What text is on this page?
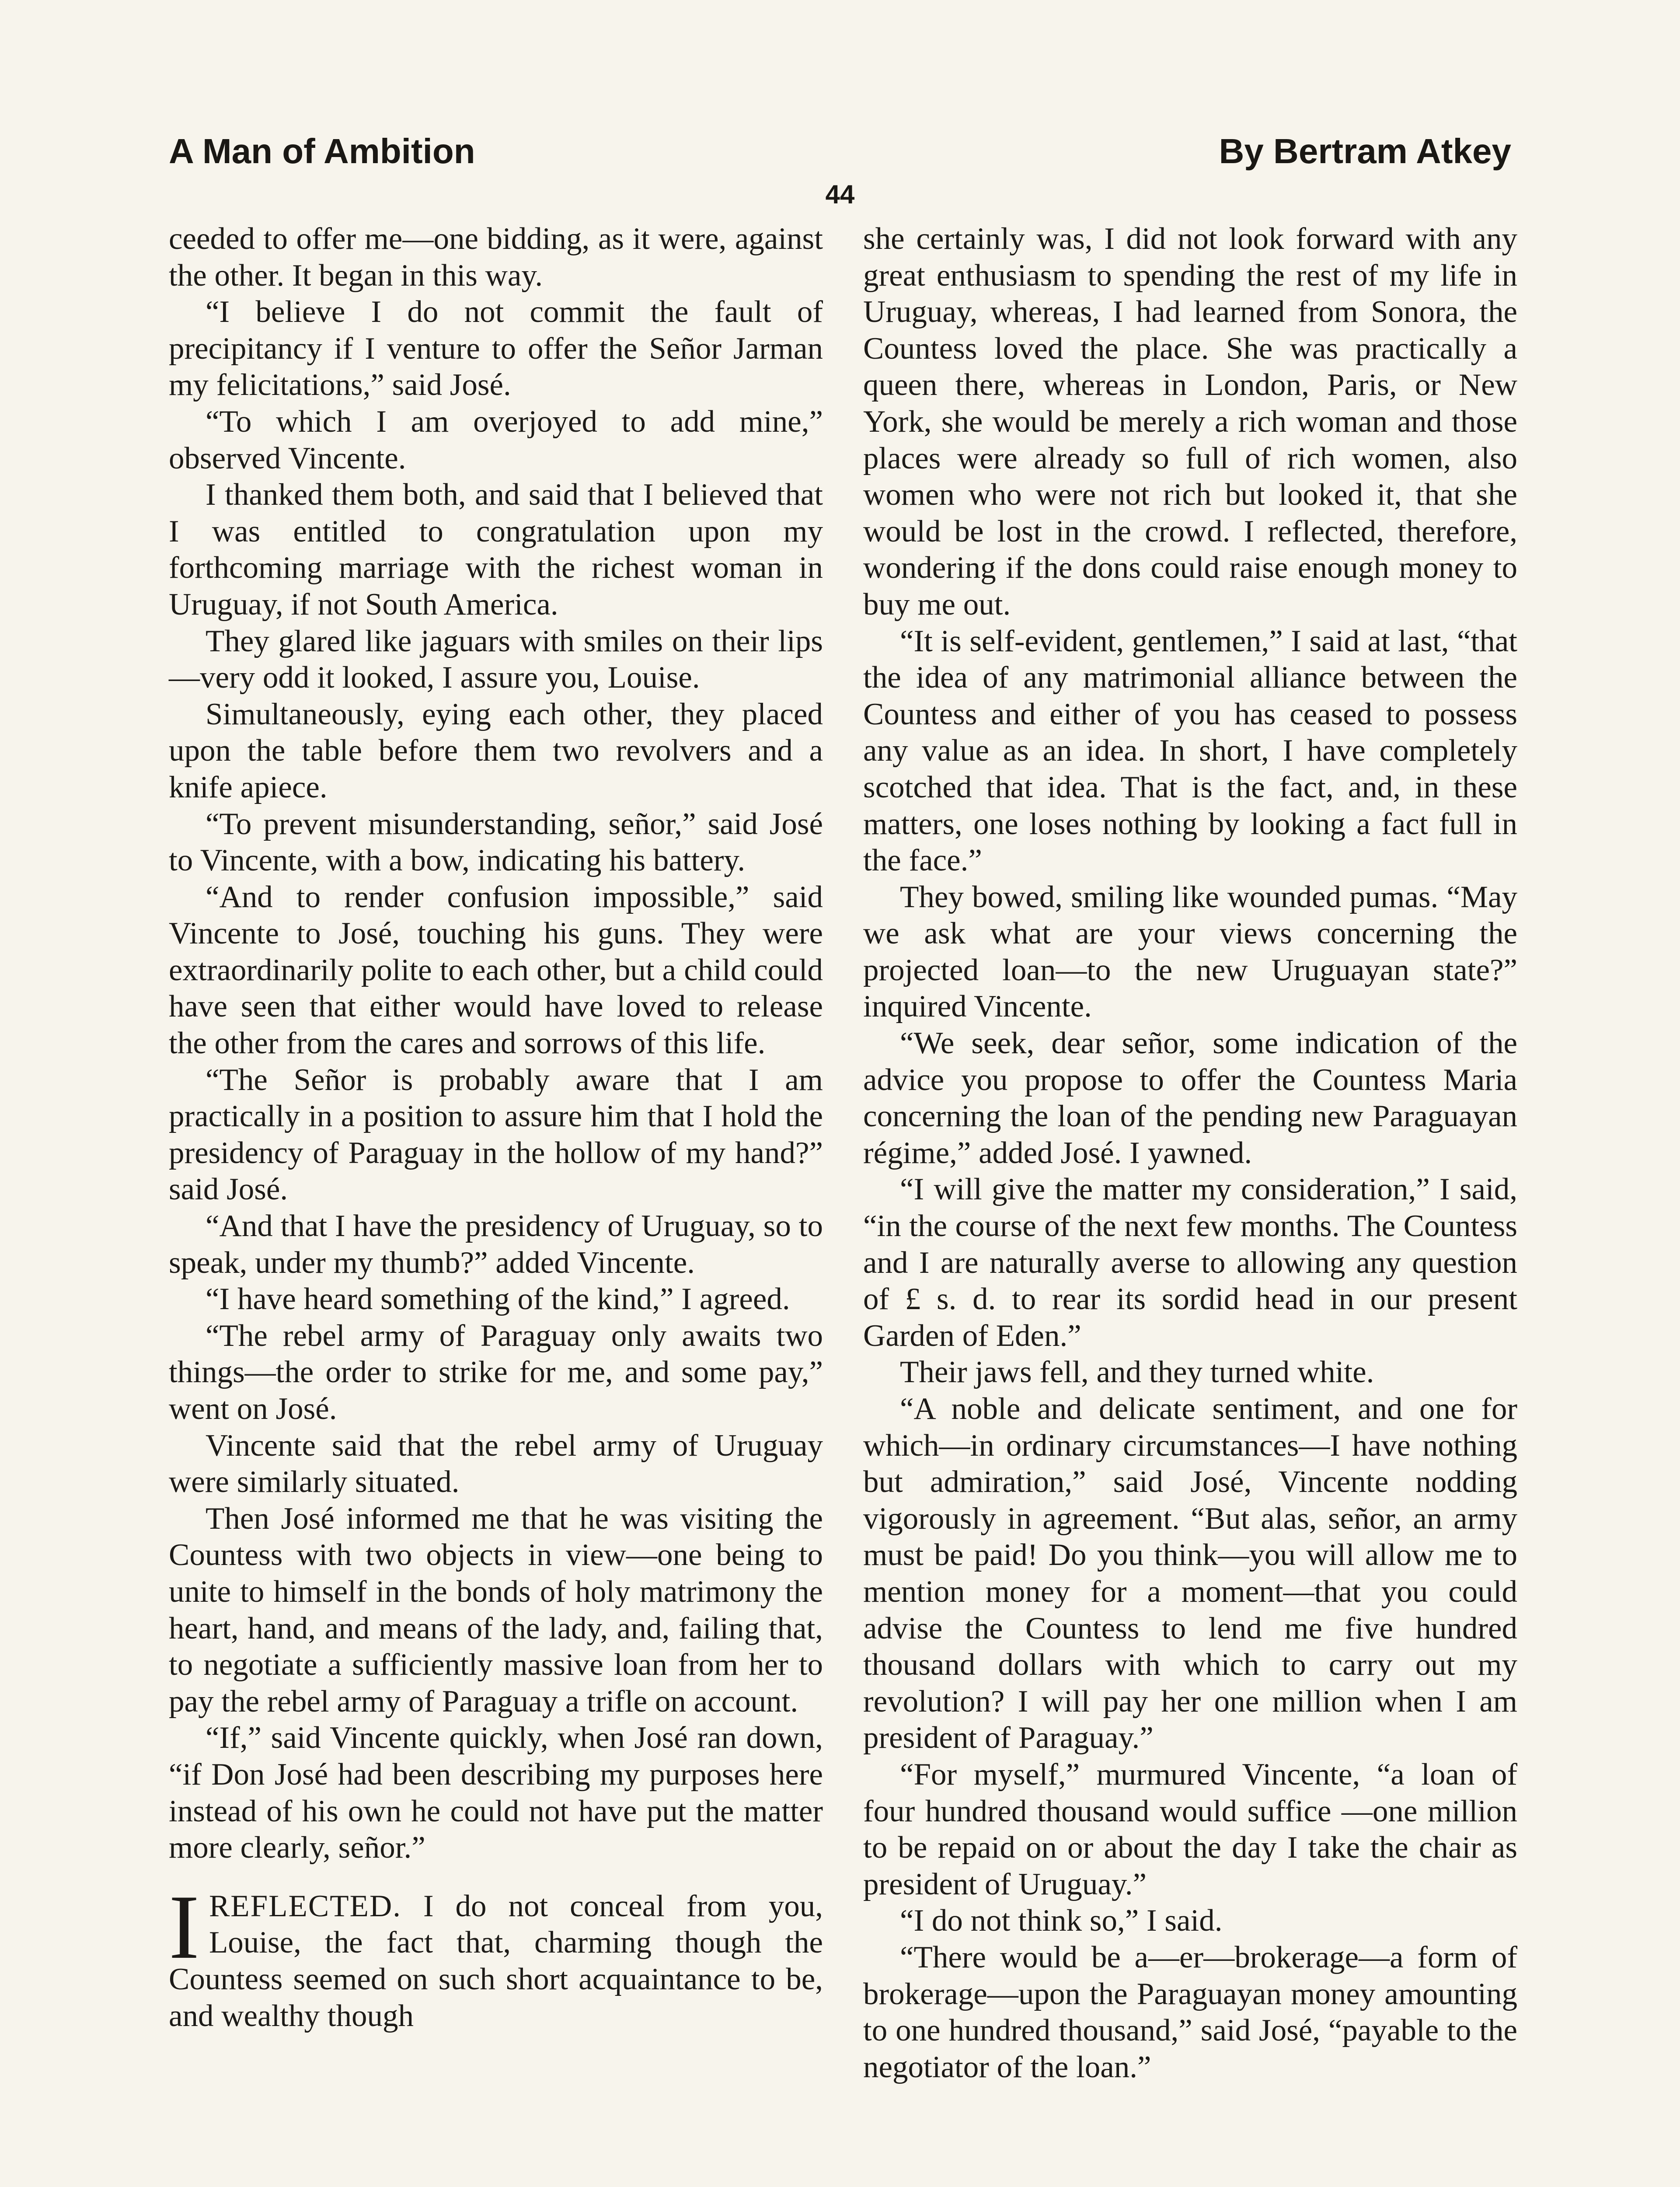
A Man of Ambition	By Bertram Atkey
44

ceeded to offer me—one bidding, as it were, against the other. It began in this way.

“I believe I do not commit the fault of precipitancy if I venture to offer the Señor Jarman my felicitations,” said José.

“To which I am overjoyed to add mine,” observed Vincente.

I thanked them both, and said that I believed that I was entitled to congratulation upon my forthcoming marriage with the richest woman in Uruguay, if not South America.

They glared like jaguars with smiles on their lips—very odd it looked, I assure you, Louise.

Simultaneously, eying each other, they placed upon the table before them two revolvers and a knife apiece.

“To prevent misunderstanding, señor,” said José to Vincente, with a bow, indicating his battery.

“And to render confusion impossible,” said Vincente to José, touching his guns. They were extraordinarily polite to each other, but a child could have seen that either would have loved to release the other from the cares and sorrows of this life.

“The Señor is probably aware that I am practically in a position to assure him that I hold the presidency of Paraguay in the hollow of my hand?” said José.

“And that I have the presidency of Uruguay, so to speak, under my thumb?” added Vincente.

“I have heard something of the kind,” I agreed.

“The rebel army of Paraguay only awaits two things—the order to strike for me, and some pay,” went on José.

Vincente said that the rebel army of Uruguay were similarly situated.

Then José informed me that he was visiting the Countess with two objects in view—one being to unite to himself in the bonds of holy matrimony the heart, hand, and means of the lady, and, failing that, to negotiate a sufficiently massive loan from her to pay the rebel army of Paraguay a trifle on account.

“If,” said Vincente quickly, when José ran down, “if Don José had been describing my purposes here instead of his own he could not have put the matter more clearly, señor.”

IREFLECTED. I do not conceal from you, Louise, the fact that, charming though the Countess seemed on such short acquaintance to be, and wealthy though

she certainly was, I did not look forward with any great enthusiasm to spending the rest of my life in Uruguay, whereas, I had learned from Sonora, the Countess loved the place. She was practically a queen there, whereas in London, Paris, or New York, she would be merely a rich woman and those places were already so full of rich women, also women who were not rich but looked it, that she would be lost in the crowd. I reflected, therefore, wondering if the dons could raise enough money to buy me out.

“It is self-evident, gentlemen,” I said at last, “that the idea of any matrimonial alliance between the Countess and either of you has ceased to possess any value as an idea. In short, I have completely scotched that idea. That is the fact, and, in these matters, one loses nothing by looking a fact full in the face.”

They bowed, smiling like wounded pumas. “May we ask what are your views concerning the projected loan—to the new Uruguayan state?” inquired Vincente.

“We seek, dear señor, some indication of the advice you propose to offer the Countess Maria concerning the loan of the pending new Paraguayan régime,” added José. I yawned.

“I will give the matter my consideration,” I said, “in the course of the next few months. The Countess and I are naturally averse to allowing any question of £ s. d. to rear its sordid head in our present Garden of Eden.”

Their jaws fell, and they turned white.

“A noble and delicate sentiment, and one for which—in ordinary circumstances—I have nothing but admiration,” said José, Vincente nodding vigorously in agreement. “But alas, señor, an army must be paid! Do you think—you will allow me to mention money for a moment—that you could advise the Countess to lend me five hundred thousand dollars with which to carry out my revolution? I will pay her one million when I am president of Paraguay.”

“For myself,” murmured Vincente, “a loan of four hundred thousand would suffice —one million to be repaid on or about the day I take the chair as president of Uruguay.”

“I do not think so,” I said.

“There would be a—er—brokerage—a form of brokerage—upon the Paraguayan money amounting to one hundred thousand,” said José, “payable to the negotiator of the loan.”
